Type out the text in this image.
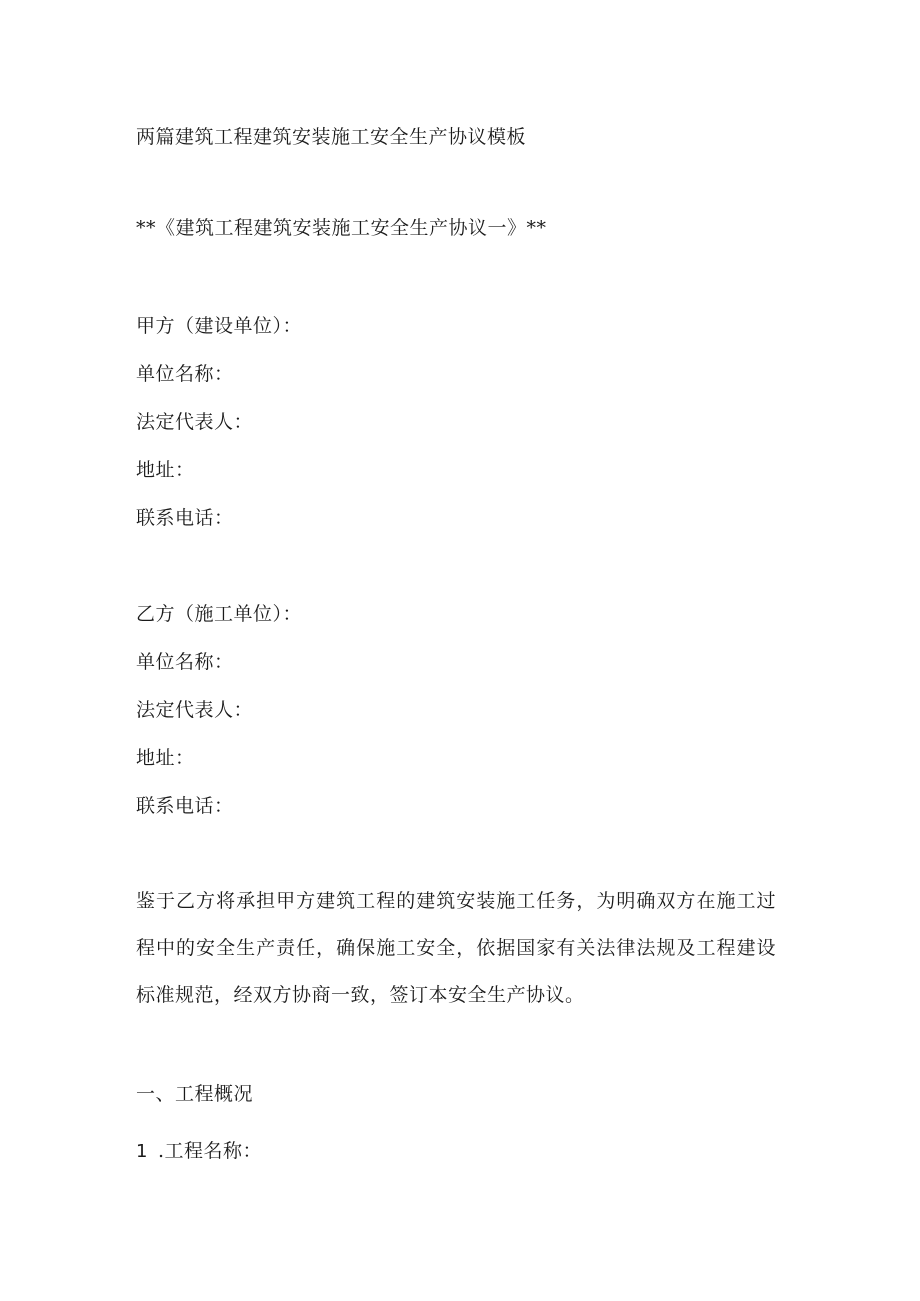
两篇建筑工程建筑安装施工安全生产协议模板
**《建筑工程建筑安装施工安全生产协议一》**
甲方（建设单位）：
单位名称：
法定代表人：
地址：
联系电话：
乙方（施工单位）：
单位名称：
法定代表人：
地址：
联系电话：
鉴于乙方将承担甲方建筑工程的建筑安装施工任务，为明确双方在施工过程中的安全生产责任，确保施工安全，依据国家有关法律法规及工程建设标准规范，经双方协商一致，签订本安全生产协议。
一、工程概况
1 .工程名称：
